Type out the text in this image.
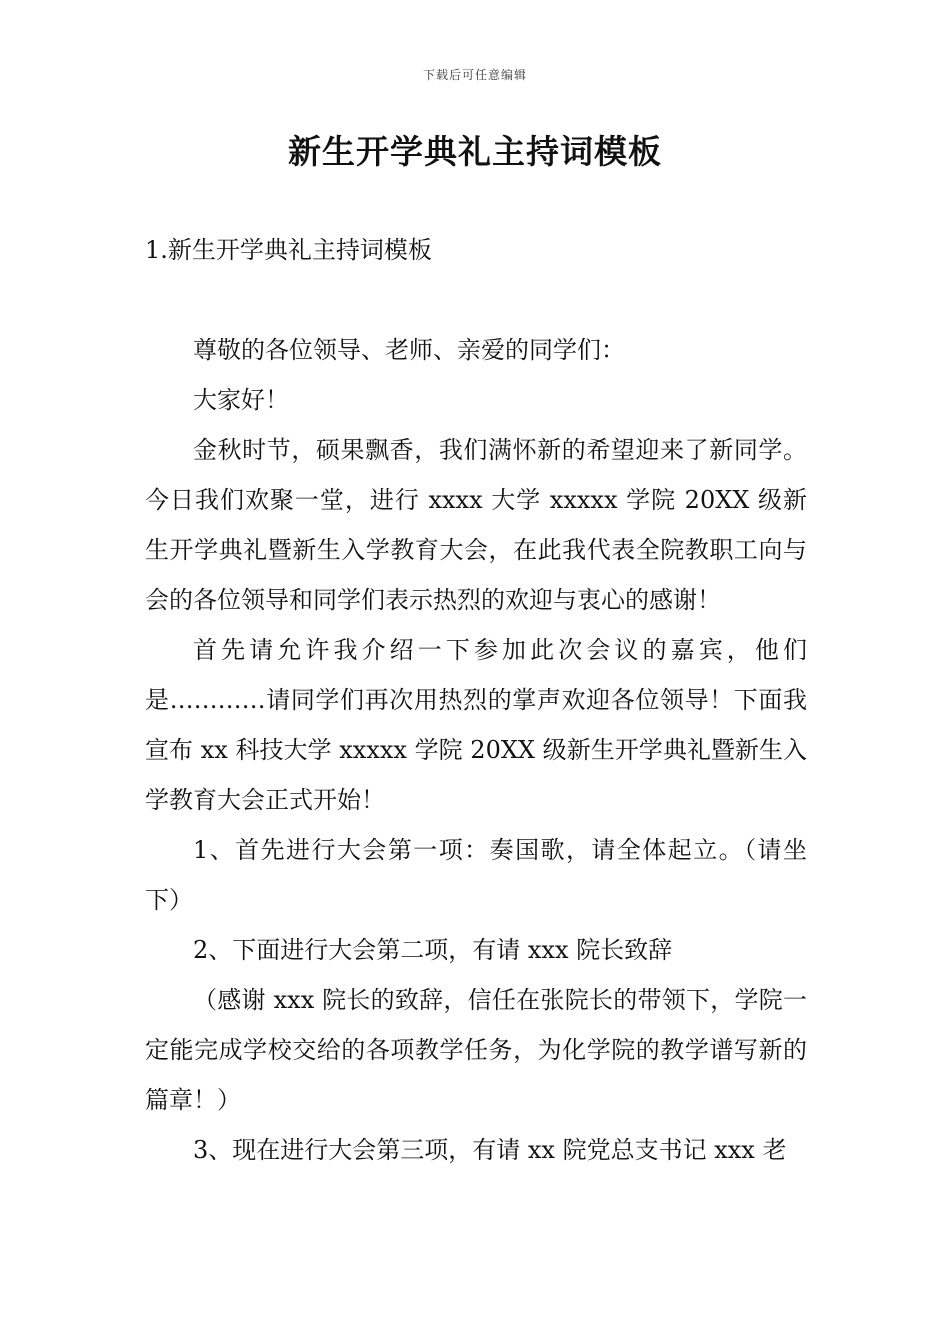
下载后可任意编辑
新生开学典礼主持词模板
1.新生开学典礼主持词模板

尊敬的各位领导、老师、亲爱的同学们：

大家好！

金秋时节，硕果飘香，我们满怀新的希望迎来了新同学。今日我们欢聚一堂，进行 xxxx 大学 xxxxx 学院 20XX 级新生开学典礼暨新生入学教育大会，在此我代表全院教职工向与会的各位领导和同学们表示热烈的欢迎与衷心的感谢！

首先请允许我介绍一下参加此次会议的嘉宾，他们是…………请同学们再次用热烈的掌声欢迎各位领导！下面我宣布 xx 科技大学 xxxxx 学院 20XX 级新生开学典礼暨新生入学教育大会正式开始！

1、首先进行大会第一项：奏国歌，请全体起立。（请坐下）

2、下面进行大会第二项，有请 xxx 院长致辞

（感谢 xxx 院长的致辞，信任在张院长的带领下，学院一定能完成学校交给的各项教学任务，为化学院的教学谱写新的篇章！）

3、现在进行大会第三项，有请 xx 院党总支书记 xxx 老
